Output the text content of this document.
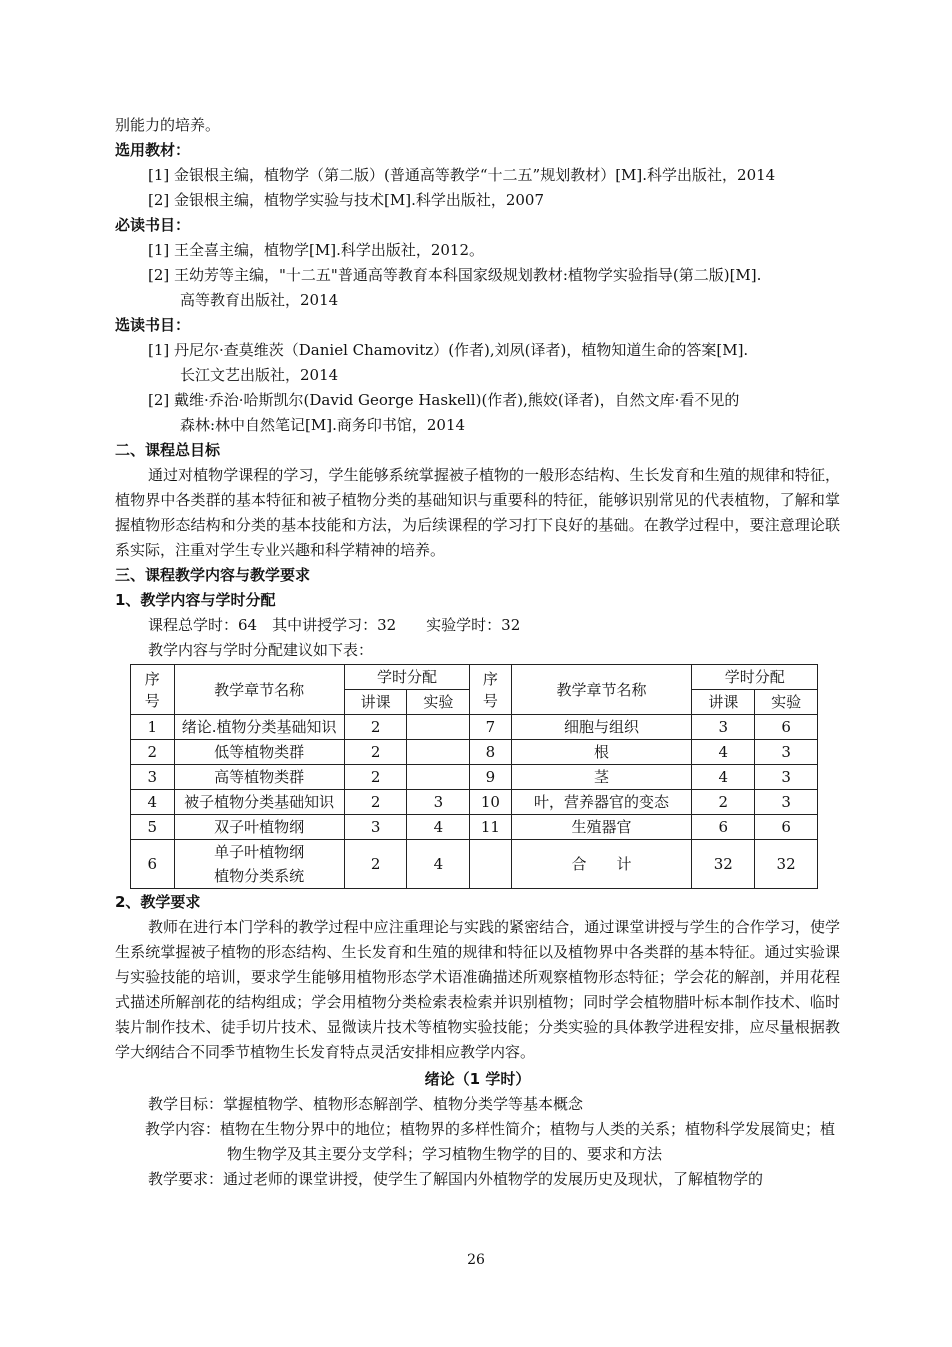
别能力的培养。
选用教材：
[1] 金银根主编，植物学（第二版）(普通高等教学“十二五”规划教材）[M].科学出版社，2014
[2] 金银根主编，植物学实验与技术[M].科学出版社，2007
必读书目：
[1] 王全喜主编，植物学[M].科学出版社，2012。
[2] 王幼芳等主编，"十二五"普通高等教育本科国家级规划教材:植物学实验指导(第二版)[M].
高等教育出版社，2014
选读书目：
[1] 丹尼尔·查莫维茨（Daniel Chamovitz）(作者),刘夙(译者)，植物知道生命的答案[M].
长江文艺出版社，2014
[2] 戴维·乔治·哈斯凯尔(David George Haskell)(作者),熊姣(译者)，自然文库·看不见的
森林:林中自然笔记[M].商务印书馆，2014
二、课程总目标
通过对植物学课程的学习，学生能够系统掌握被子植物的一般形态结构、生长发育和生殖的规律和特征，植物界中各类群的基本特征和被子植物分类的基础知识与重要科的特征，能够识别常见的代表植物，了解和掌握植物形态结构和分类的基本技能和方法，为后续课程的学习打下良好的基础。在教学过程中，要注意理论联系实际，注重对学生专业兴趣和科学精神的培养。
三、课程教学内容与教学要求
1、教学内容与学时分配
课程总学时：64　其中讲授学习：32　　实验学时：32
教学内容与学时分配建议如下表：
序
号	教学章节名称	学时分配		序
号	教学章节名称	学时分配	
		讲课	实验			讲课	实验
1	绪论.植物分类基础知识	2		7	细胞与组织	3	6
2	低等植物类群	2		8	根	4	3
3	高等植物类群	2		9	茎	4	3
4	被子植物分类基础知识	2	3	10	叶，营养器官的变态	2	3
5	双子叶植物纲	3	4	11	生殖器官	6	6
6	单子叶植物纲
植物分类系统	2	4		合　　计	32	32
2、教学要求
教师在进行本门学科的教学过程中应注重理论与实践的紧密结合，通过课堂讲授与学生的合作学习，使学生系统掌握被子植物的形态结构、生长发育和生殖的规律和特征以及植物界中各类群的基本特征。通过实验课与实验技能的培训，要求学生能够用植物形态学术语准确描述所观察植物形态特征；学会花的解剖，并用花程式描述所解剖花的结构组成；学会用植物分类检索表检索并识别植物；同时学会植物腊叶标本制作技术、临时装片制作技术、徒手切片技术、显微读片技术等植物实验技能；分类实验的具体教学进程安排，应尽量根据教学大纲结合不同季节植物生长发育特点灵活安排相应教学内容。
绪论（1 学时）
教学目标：掌握植物学、植物形态解剖学、植物分类学等基本概念
教学内容：植物在生物分界中的地位；植物界的多样性简介；植物与人类的关系；植物科学发展简史；植物生物学及其主要分支学科；学习植物生物学的目的、要求和方法
教学要求：通过老师的课堂讲授，使学生了解国内外植物学的发展历史及现状，了解植物学的
26
